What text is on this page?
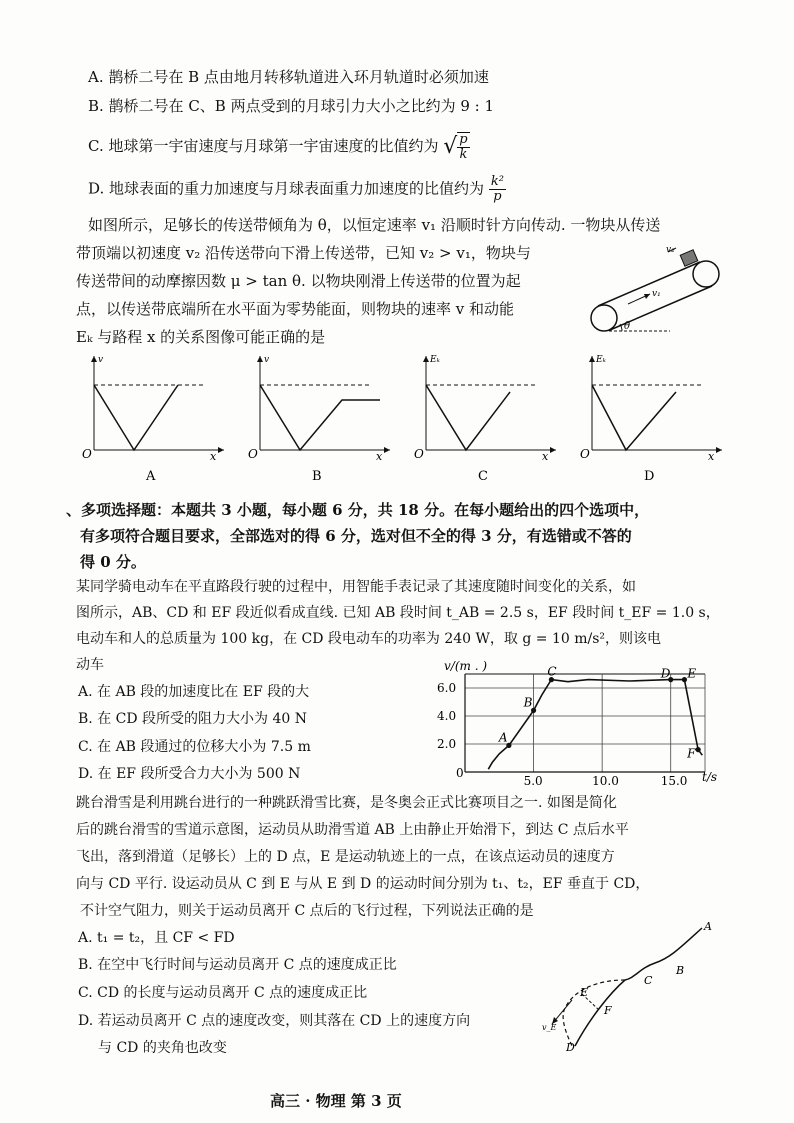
A. 鹊桥二号在 B 点由地月转移轨道进入环月轨道时必须加速
B. 鹊桥二号在 C、B 两点受到的月球引力大小之比约为 9 : 1
C. 地球第一宇宙速度与月球第一宇宙速度的比值约为 √ $\frac{p}{k}$
D. 地球表面的重力加速度与月球表面重力加速度的比值约为 $\frac{\text{k²}}{p}$
如图所示，足够长的传送带倾角为 θ，以恒定速率 v₁ 沿顺时针方向传动. 一物块从传送
带顶端以初速度 v₂ 沿传送带向下滑上传送带，已知 v₂ > v₁，物块与
传送带间的动摩擦因数 μ > tan θ. 以物块刚滑上传送带的位置为起
点，以传送带底端所在水平面为零势能面，则物块的速率 v 和动能
Eₖ 与路程 x 的关系图像可能正确的是
v₂
v₁
θ
v
O	x
A
v
O	x
B
Eₖ
O	x
C
Eₖ
O	x
D
、多项选择题：本题共 3 小题，每小题 6 分，共 18 分。在每小题给出的四个选项中，
有多项符合题目要求，全部选对的得 6 分，选对但不全的得 3 分，有选错或不答的
得 0 分。
某同学骑电动车在平直路段行驶的过程中，用智能手表记录了其速度随时间变化的关系，如
图所示，AB、CD 和 EF 段近似看成直线. 已知 AB 段时间 t_AB = 2.5 s，EF 段时间 t_EF = 1.0 s，
电动车和人的总质量为 100 kg，在 CD 段电动车的功率为 240 W，取 g = 10 m/s²，则该电
动车
A. 在 AB 段的加速度比在 EF 段的大
B. 在 CD 段所受的阻力大小为 40 N
C. 在 AB 段通过的位移大小为 7.5 m
D. 在 EF 段所受合力大小为 500 N	5.0	10.0	15.0
2.0
4.0
6.0
A
B
C	D E
F
v/(m . )
t/s
0
跳台滑雪是利用跳台进行的一种跳跃滑雪比赛，是冬奥会正式比赛项目之一. 如图是简化
后的跳台滑雪的雪道示意图，运动员从助滑雪道 AB 上由静止开始滑下，到达 C 点后水平
飞出，落到滑道（足够长）上的 D 点，E 是运动轨迹上的一点，在该点运动员的速度方
向与 CD 平行. 设运动员从 C 到 E 与从 E 到 D 的运动时间分别为 t₁、t₂，EF 垂直于 CD，
不计空气阻力，则关于运动员离开 C 点后的飞行过程，下列说法正确的是
A. t₁ = t₂，且 CF < FD
B. 在空中飞行时间与运动员离开 C 点的速度成正比
C. CD 的长度与运动员离开 C 点的速度成正比
D. 若运动员离开 C 点的速度改变，则其落在 CD 上的速度方向
与 CD 的夹角也改变
A
B
C
D
E
F
v_E
高三 · 物理 第 3 页
